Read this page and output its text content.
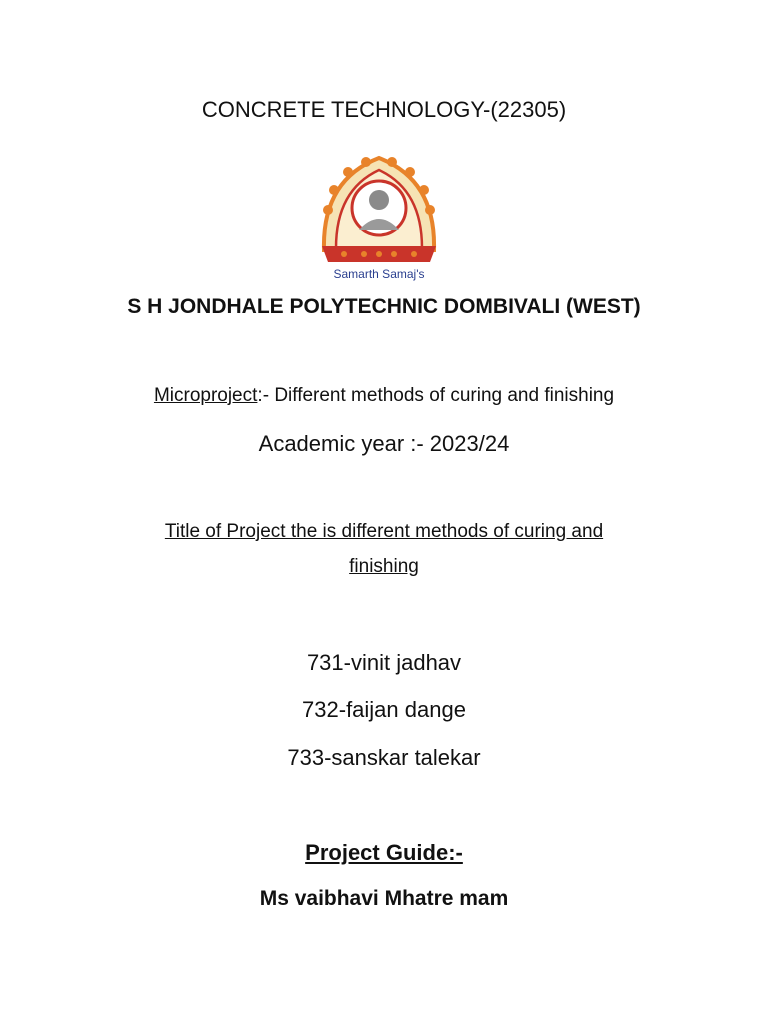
CONCRETE TECHNOLOGY-(22305)
Samarth Samaj's
S H JONDHALE POLYTECHNIC DOMBIVALI (WEST)
Microproject:- Different methods of curing and finishing
Academic year :- 2023/24
Title of Project the is different methods of curing and
finishing
731-vinit jadhav
732-faijan dange
733-sanskar talekar
Project Guide:-
Ms vaibhavi Mhatre mam
